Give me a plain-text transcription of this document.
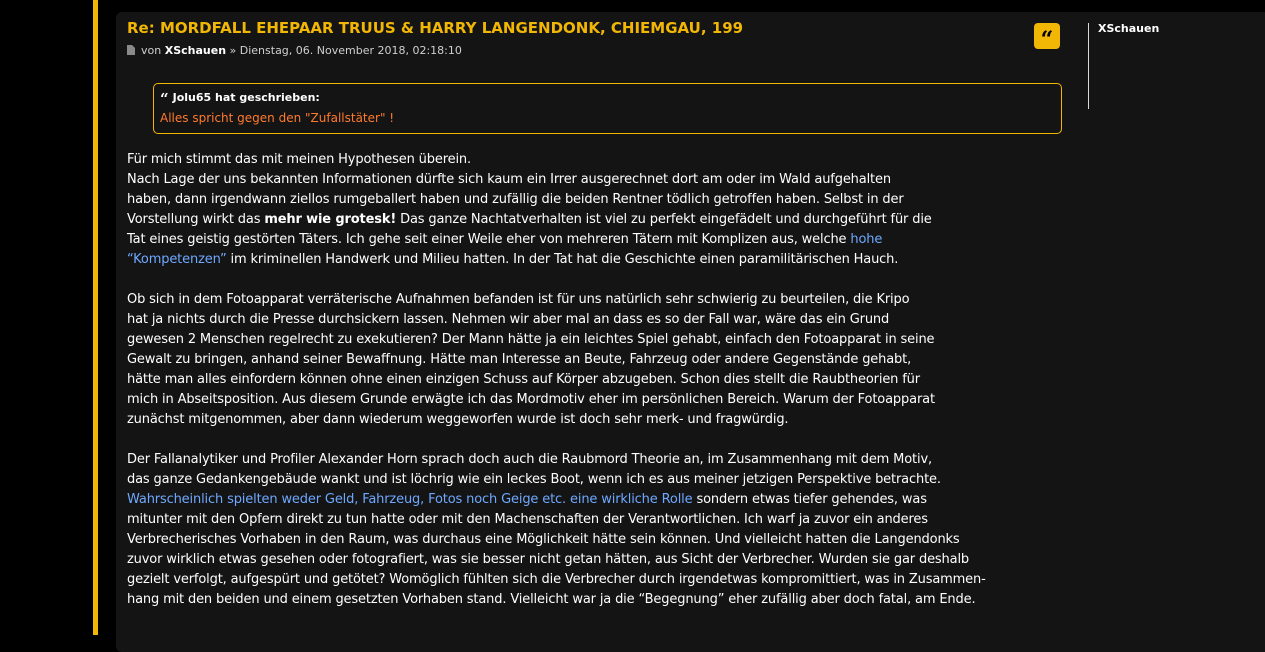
Re: MORDFALL EHEPAAR TRUUS & HARRY LANGENDONK, CHIEMGAU, 199
von XSchauen » Dienstag, 06. November 2018, 02:18:10	“	XSchauen
“ Jolu65 hat geschrieben:
Alles spricht gegen den "Zufallstäter" !
Für mich stimmt das mit meinen Hypothesen überein.
Nach Lage der uns bekannten Informationen dürfte sich kaum ein Irrer ausgerechnet dort am oder im Wald aufgehalten
haben, dann irgendwann ziellos rumgeballert haben und zufällig die beiden Rentner tödlich getroffen haben. Selbst in der
Vorstellung wirkt das mehr wie grotesk! Das ganze Nachtatverhalten ist viel zu perfekt eingefädelt und durchgeführt für die
Tat eines geistig gestörten Täters. Ich gehe seit einer Weile eher von mehreren Tätern mit Komplizen aus, welche hohe
“Kompetenzen” im kriminellen Handwerk und Milieu hatten. In der Tat hat die Geschichte einen paramilitärischen Hauch.
Ob sich in dem Fotoapparat verräterische Aufnahmen befanden ist für uns natürlich sehr schwierig zu beurteilen, die Kripo
hat ja nichts durch die Presse durchsickern lassen. Nehmen wir aber mal an dass es so der Fall war, wäre das ein Grund
gewesen 2 Menschen regelrecht zu exekutieren? Der Mann hätte ja ein leichtes Spiel gehabt, einfach den Fotoapparat in seine
Gewalt zu bringen, anhand seiner Bewaffnung. Hätte man Interesse an Beute, Fahrzeug oder andere Gegenstände gehabt,
hätte man alles einfordern können ohne einen einzigen Schuss auf Körper abzugeben. Schon dies stellt die Raubtheorien für
mich in Abseitsposition. Aus diesem Grunde erwägte ich das Mordmotiv eher im persönlichen Bereich. Warum der Fotoapparat
zunächst mitgenommen, aber dann wiederum weggeworfen wurde ist doch sehr merk- und fragwürdig.
Der Fallanalytiker und Profiler Alexander Horn sprach doch auch die Raubmord Theorie an, im Zusammenhang mit dem Motiv,
das ganze Gedankengebäude wankt und ist löchrig wie ein leckes Boot, wenn ich es aus meiner jetzigen Perspektive betrachte.
Wahrscheinlich spielten weder Geld, Fahrzeug, Fotos noch Geige etc. eine wirkliche Rolle sondern etwas tiefer gehendes, was
mitunter mit den Opfern direkt zu tun hatte oder mit den Machenschaften der Verantwortlichen. Ich warf ja zuvor ein anderes
Verbrecherisches Vorhaben in den Raum, was durchaus eine Möglichkeit hätte sein können. Und vielleicht hatten die Langendonks
zuvor wirklich etwas gesehen oder fotografiert, was sie besser nicht getan hätten, aus Sicht der Verbrecher. Wurden sie gar deshalb
gezielt verfolgt, aufgespürt und getötet? Womöglich fühlten sich die Verbrecher durch irgendetwas kompromittiert, was in Zusammen-
hang mit den beiden und einem gesetzten Vorhaben stand. Vielleicht war ja die “Begegnung” eher zufällig aber doch fatal, am Ende.
